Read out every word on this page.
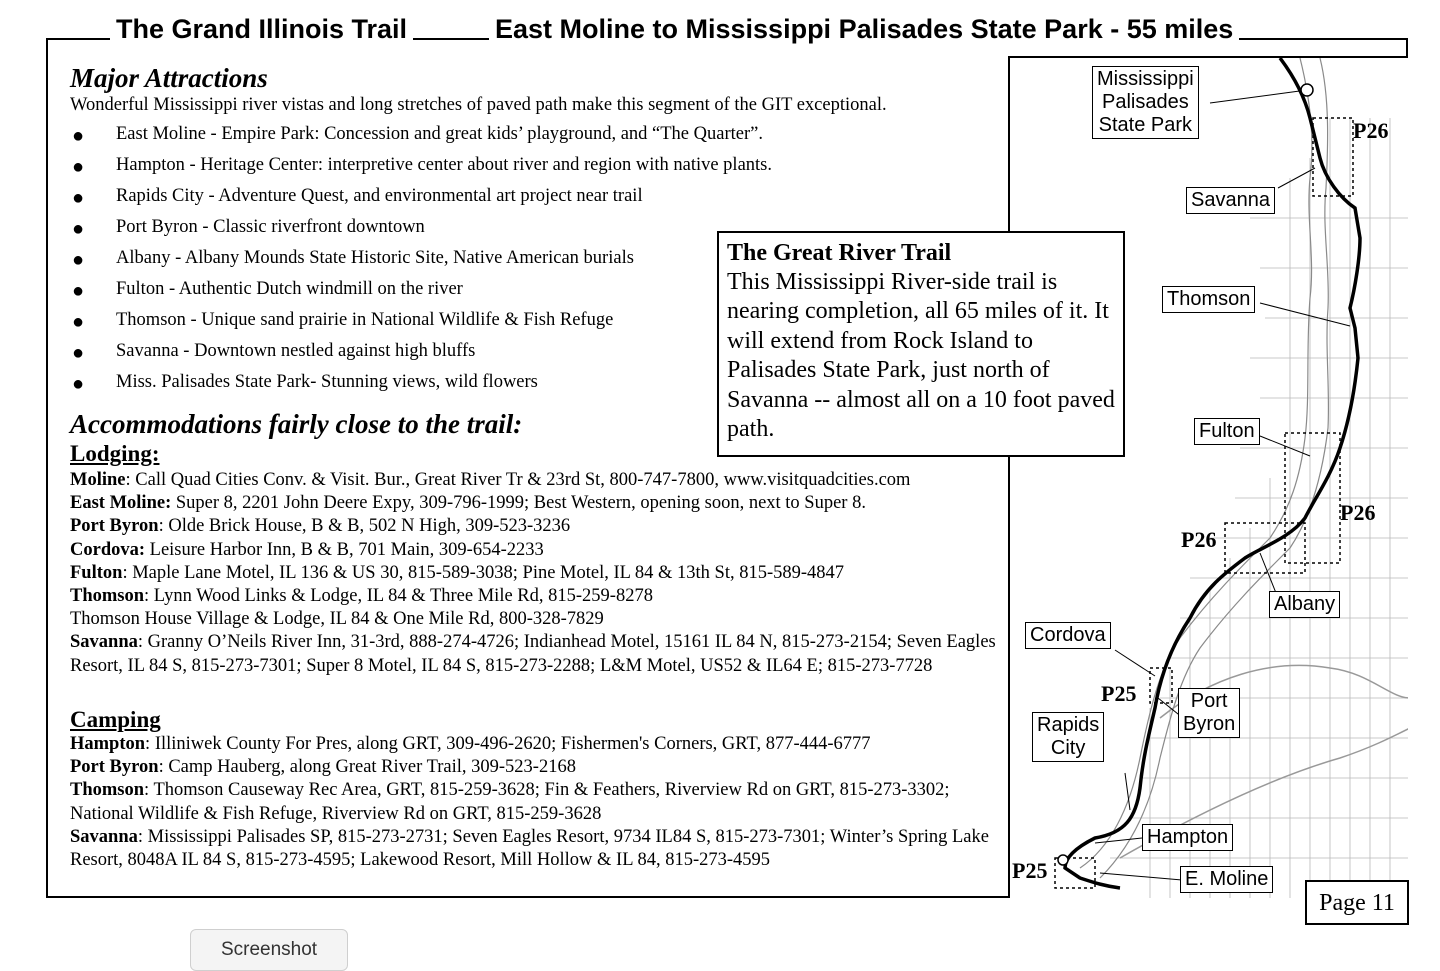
The Grand Illinois Trail	East Moline to Mississippi Palisades State Park - 55 miles
Major Attractions
Wonderful Mississippi river vistas and long stretches of paved path make this segment of the GIT exceptional.
● East Moline - Empire Park: Concession and great kids’ playground, and “The Quarter”.
● Hampton - Heritage Center: interpretive center about river and region with native plants.
● Rapids City - Adventure Quest, and environmental art project near trail
● Port Byron - Classic riverfront downtown
● Albany - Albany Mounds State Historic Site, Native American burials
● Fulton - Authentic Dutch windmill on the river
● Thomson - Unique sand prairie in National Wildlife & Fish Refuge
● Savanna - Downtown nestled against high bluffs
● Miss. Palisades State Park- Stunning views, wild flowers
The Great River Trail
This Mississippi River-side trail is nearing completion, all 65 miles of it. It will extend from Rock Island to Palisades State Park, just north of Savanna -- almost all on a 10 foot paved path.
Accommodations fairly close to the trail:
Lodging:
Moline: Call Quad Cities Conv. & Visit. Bur., Great River Tr & 23rd St, 800-747-7800, www.visitquadcities.com
East Moline: Super 8, 2201 John Deere Expy, 309-796-1999; Best Western, opening soon, next to Super 8.
Port Byron: Olde Brick House, B & B, 502 N High, 309-523-3236
Cordova: Leisure Harbor Inn, B & B, 701 Main, 309-654-2233
Fulton: Maple Lane Motel, IL 136 & US 30, 815-589-3038; Pine Motel, IL 84 & 13th St, 815-589-4847
Thomson: Lynn Wood Links & Lodge, IL 84 & Three Mile Rd, 815-259-8278
Thomson House Village & Lodge, IL 84 & One Mile Rd, 800-328-7829
Savanna: Granny O’Neils River Inn, 31-3rd, 888-274-4726; Indianhead Motel, 15161 IL 84 N, 815-273-2154; Seven Eagles Resort, IL 84 S, 815-273-7301; Super 8 Motel, IL 84 S, 815-273-2288; L&M Motel, US52 & IL64 E; 815-273-7728
Camping
Hampton: Illiniwek County For Pres, along GRT, 309-496-2620; Fishermen's Corners, GRT, 877-444-6777
Port Byron: Camp Hauberg, along Great River Trail, 309-523-2168
Thomson: Thomson Causeway Rec Area, GRT, 815-259-3628; Fin & Feathers, Riverview Rd on GRT, 815-273-3302; National Wildlife & Fish Refuge, Riverview Rd on GRT, 815-259-3628
Savanna: Mississippi Palisades SP, 815-273-2731; Seven Eagles Resort, 9734 IL84 S, 815-273-7301; Winter’s Spring Lake Resort, 8048A IL 84 S, 815-273-4595; Lakewood Resort, Mill Hollow & IL 84, 815-273-4595
Mississippi
Palisades
State Park
Savanna
Thomson
Fulton
Albany
Cordova
Port
Byron
Rapids
City
Hampton
E. Moline
P26
P26
P26
P25
P25
Page 11
Screenshot
